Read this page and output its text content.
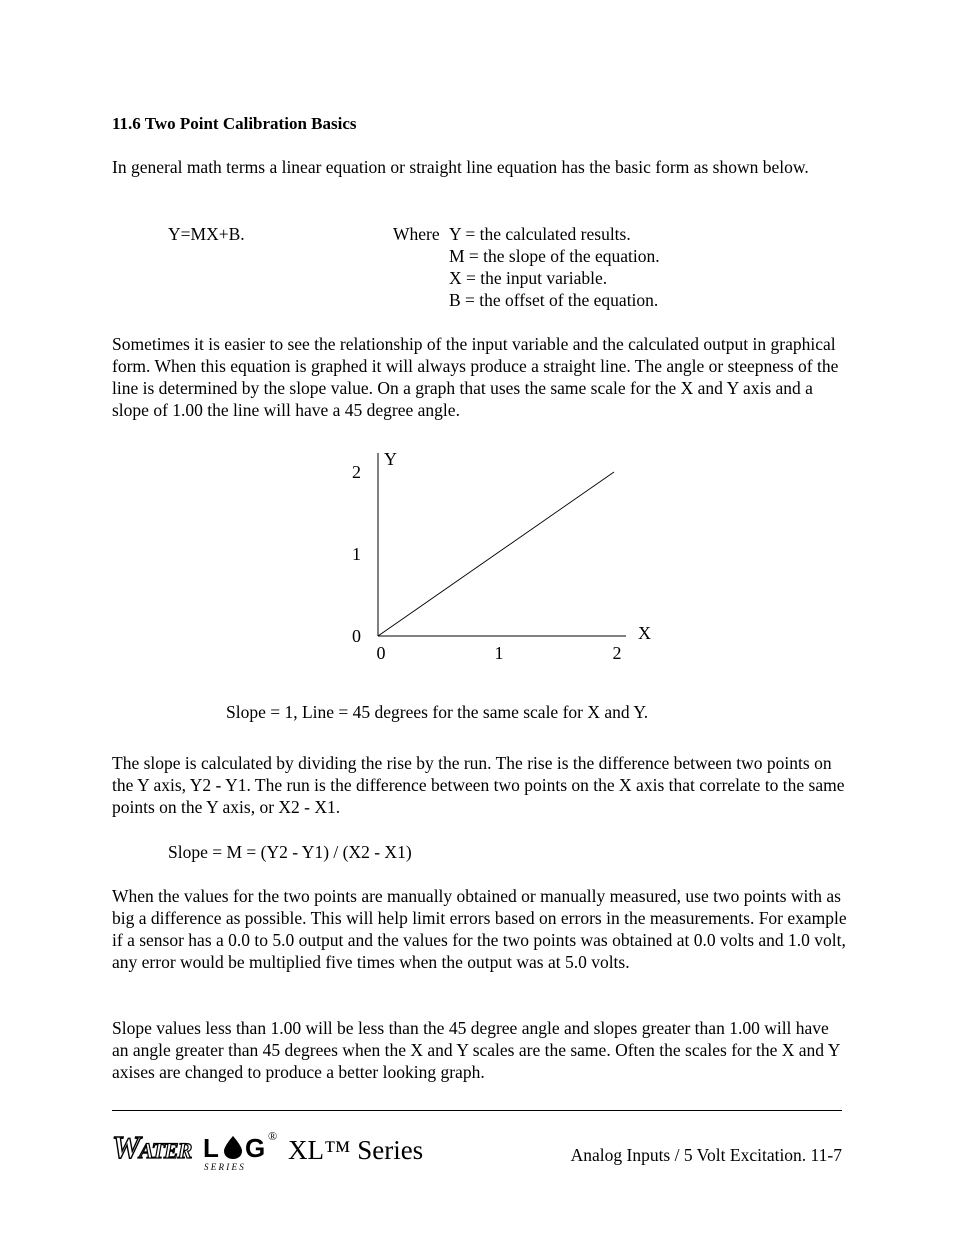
11.6 Two Point Calibration Basics
In general math terms a linear equation or straight line equation has the basic form as shown below.
Y=MX+B.	Where Y = the calculated results.
M = the slope of the equation.
X = the input variable.
B = the offset of the equation.
Sometimes it is easier to see the relationship of the input variable and the calculated output in graphical form. When this equation is graphed it will always produce a straight line. The angle or steepness of the line is determined by the slope value. On a graph that uses the same scale for the X and Y axis and a slope of 1.00 the line will have a 45 degree angle.
0	1	2
0
1
2
X
Y
Slope = 1, Line = 45 degrees for the same scale for X and Y.
The slope is calculated by dividing the rise by the run. The rise is the difference between two points on the Y axis, Y2 - Y1. The run is the difference between two points on the X axis that correlate to the same points on the Y axis, or X2 - X1.
Slope = M = (Y2 - Y1) / (X2 - X1)
When the values for the two points are manually obtained or manually measured, use two points with as big a difference as possible. This will help limit errors based on errors in the measurements. For example if a sensor has a 0.0 to 5.0 output and the values for the two points was obtained at 0.0 volts and 1.0 volt, any error would be multiplied five times when the output was at 5.0 volts.
Slope values less than 1.00 will be less than the 45 degree angle and slopes greater than 1.00 will have an angle greater than 45 degrees when the X and Y scales are the same. Often the scales for the X and Y axises are changed to produce a better looking graph.
W ATER L G ®
S E R I E S
XL™ Series	Analog Inputs / 5 Volt Excitation. 11-7
